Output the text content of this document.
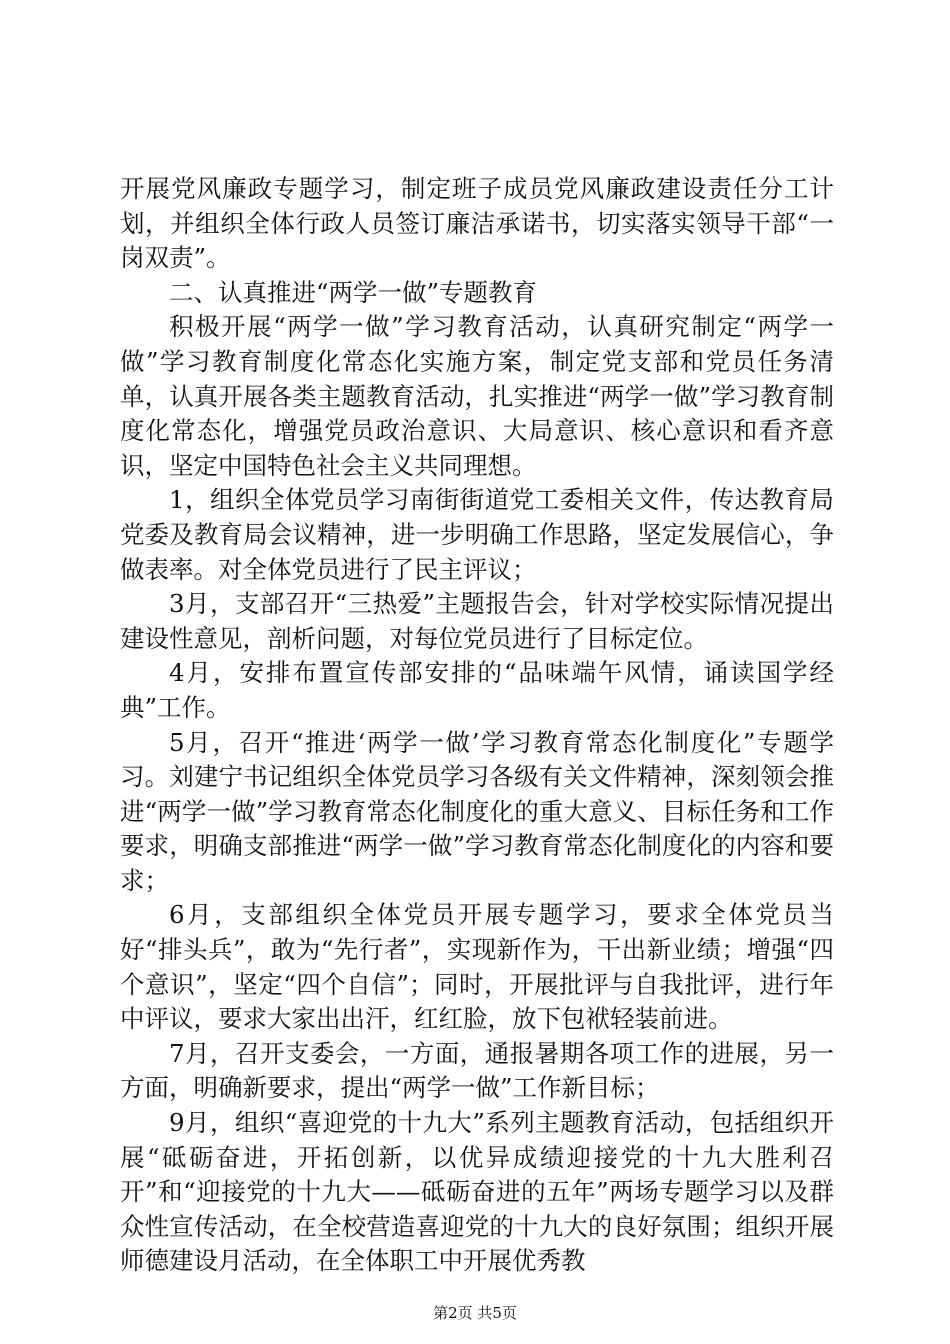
开展党风廉政专题学习，制定班子成员党风廉政建设责任分工计划，并组织全体行政人员签订廉洁承诺书，切实落实领导干部“一岗双责”。

二、认真推进“两学一做”专题教育

积极开展“两学一做”学习教育活动，认真研究制定“两学一做”学习教育制度化常态化实施方案，制定党支部和党员任务清单，认真开展各类主题教育活动，扎实推进“两学一做”学习教育制度化常态化，增强党员政治意识、大局意识、核心意识和看齐意识，坚定中国特色社会主义共同理想。

1，组织全体党员学习南街街道党工委相关文件，传达教育局党委及教育局会议精神，进一步明确工作思路，坚定发展信心，争做表率。对全体党员进行了民主评议；

3月，支部召开“三热爱”主题报告会，针对学校实际情况提出建设性意见，剖析问题，对每位党员进行了目标定位。

4月，安排布置宣传部安排的“品味端午风情，诵读国学经典”工作。

5月，召开“推进‘两学一做’学习教育常态化制度化”专题学习。刘建宁书记组织全体党员学习各级有关文件精神，深刻领会推进“两学一做”学习教育常态化制度化的重大意义、目标任务和工作要求，明确支部推进“两学一做”学习教育常态化制度化的内容和要求；

6月，支部组织全体党员开展专题学习，要求全体党员当好“排头兵”，敢为“先行者”，实现新作为，干出新业绩；增强“四个意识”，坚定“四个自信”；同时，开展批评与自我批评，进行年中评议，要求大家出出汗，红红脸，放下包袱轻装前进。

7月，召开支委会，一方面，通报暑期各项工作的进展，另一方面，明确新要求，提出“两学一做”工作新目标；

9月，组织“喜迎党的十九大”系列主题教育活动，包括组织开展“砥砺奋进，开拓创新，以优异成绩迎接党的十九大胜利召开”和“迎接党的十九大——砥砺奋进的五年”两场专题学习以及群众性宣传活动，在全校营造喜迎党的十九大的良好氛围；组织开展师德建设月活动，在全体职工中开展优秀教

第2页 共5页
